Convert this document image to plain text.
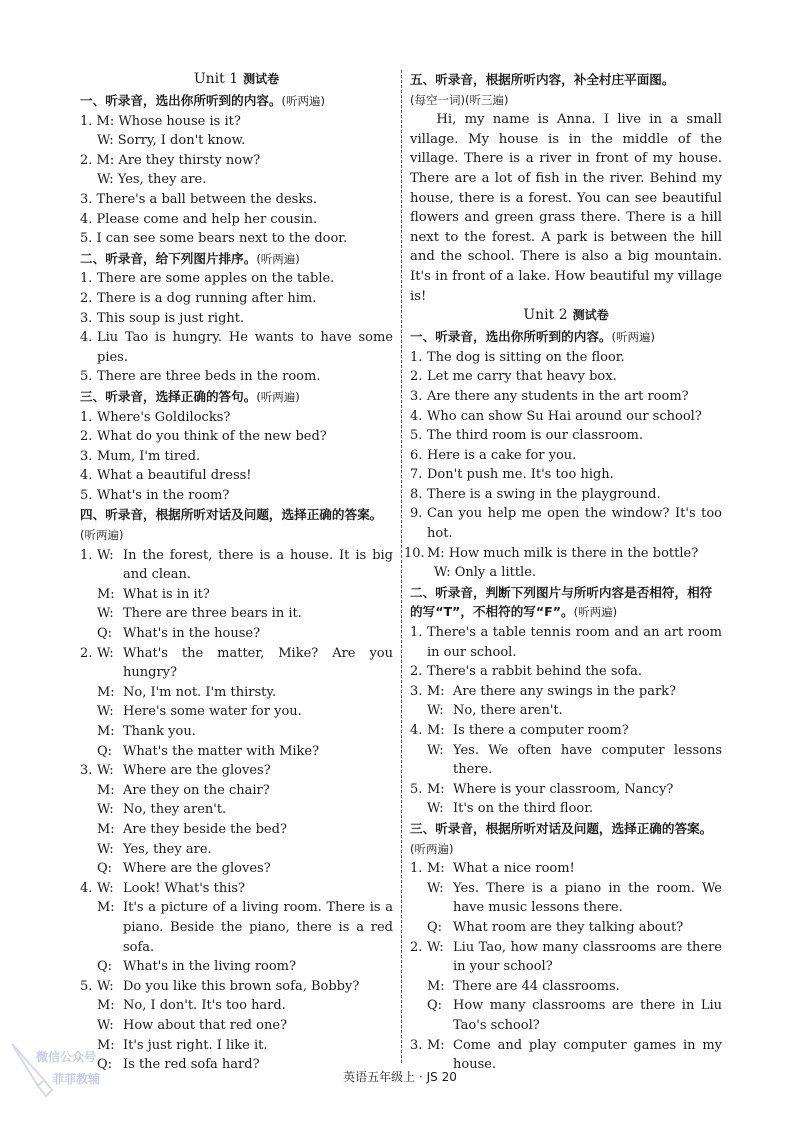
Unit 1 测试卷

一、听录音，选出你所听到的内容。(听两遍)

1. M: Whose house is it?

W: Sorry, I don't know.

2. M: Are they thirsty now?

W: Yes, they are.

3. There's a ball between the desks.

4. Please come and help her cousin.

5. I can see some bears next to the door.

二、听录音，给下列图片排序。(听两遍)

1. There are some apples on the table.

2. There is a dog running after him.

3. This soup is just right.

4. Liu Tao is hungry. He wants to have some pies.

5. There are three beds in the room.

三、听录音，选择正确的答句。(听两遍)

1. Where's Goldilocks?

2. What do you think of the new bed?

3. Mum, I'm tired.

4. What a beautiful dress!

5. What's in the room?

四、听录音，根据所听对话及问题，选择正确的答案。(听两遍)

1. W: In the forest, there is a house. It is big and clean.

M: What is in it?

W: There are three bears in it.

Q: What's in the house?

2. W: What's the matter, Mike? Are you hungry?

M: No, I'm not. I'm thirsty.

W: Here's some water for you.

M: Thank you.

Q: What's the matter with Mike?

3. W: Where are the gloves?

M: Are they on the chair?

W: No, they aren't.

M: Are they beside the bed?

W: Yes, they are.

Q: Where are the gloves?

4. W: Look! What's this?

M: It's a picture of a living room. There is a piano. Beside the piano, there is a red sofa.

Q: What's in the living room?

5. W: Do you like this brown sofa, Bobby?

M: No, I don't. It's too hard.

W: How about that red one?

M: It's just right. I like it.

Q: Is the red sofa hard?

五、听录音，根据所听内容，补全村庄平面图。
(每空一词)(听三遍)

Hi, my name is Anna. I live in a small village. My house is in the middle of the village. There is a river in front of my house. There are a lot of fish in the river. Behind my house, there is a forest. You can see beautiful flowers and green grass there. There is a hill next to the forest. A park is between the hill and the school. There is also a big mountain. It's in front of a lake. How beautiful my village is!

Unit 2 测试卷

一、听录音，选出你所听到的内容。(听两遍)

1. The dog is sitting on the floor.

2. Let me carry that heavy box.

3. Are there any students in the art room?

4. Who can show Su Hai around our school?

5. The third room is our classroom.

6. Here is a cake for you.

7. Don't push me. It's too high.

8. There is a swing in the playground.

9. Can you help me open the window? It's too hot.

10. M: How much milk is there in the bottle?

W: Only a little.

二、听录音，判断下列图片与所听内容是否相符，相符的写“T”，不相符的写“F”。(听两遍)

1. There's a table tennis room and an art room in our school.

2. There's a rabbit behind the sofa.

3. M: Are there any swings in the park?

W: No, there aren't.

4. M: Is there a computer room?

W: Yes. We often have computer lessons there.

5. M: Where is your classroom, Nancy?

W: It's on the third floor.

三、听录音，根据所听对话及问题，选择正确的答案。(听两遍)

1. M: What a nice room!

W: Yes. There is a piano in the room. We have music lessons there.

Q: What room are they talking about?

2. W: Liu Tao, how many classrooms are there in your school?

M: There are 44 classrooms.

Q: How many classrooms are there in Liu Tao's school?

3. M: Come and play computer games in my house.

英语五年级上 · JS 20
微信公众号
菲菲教辅
